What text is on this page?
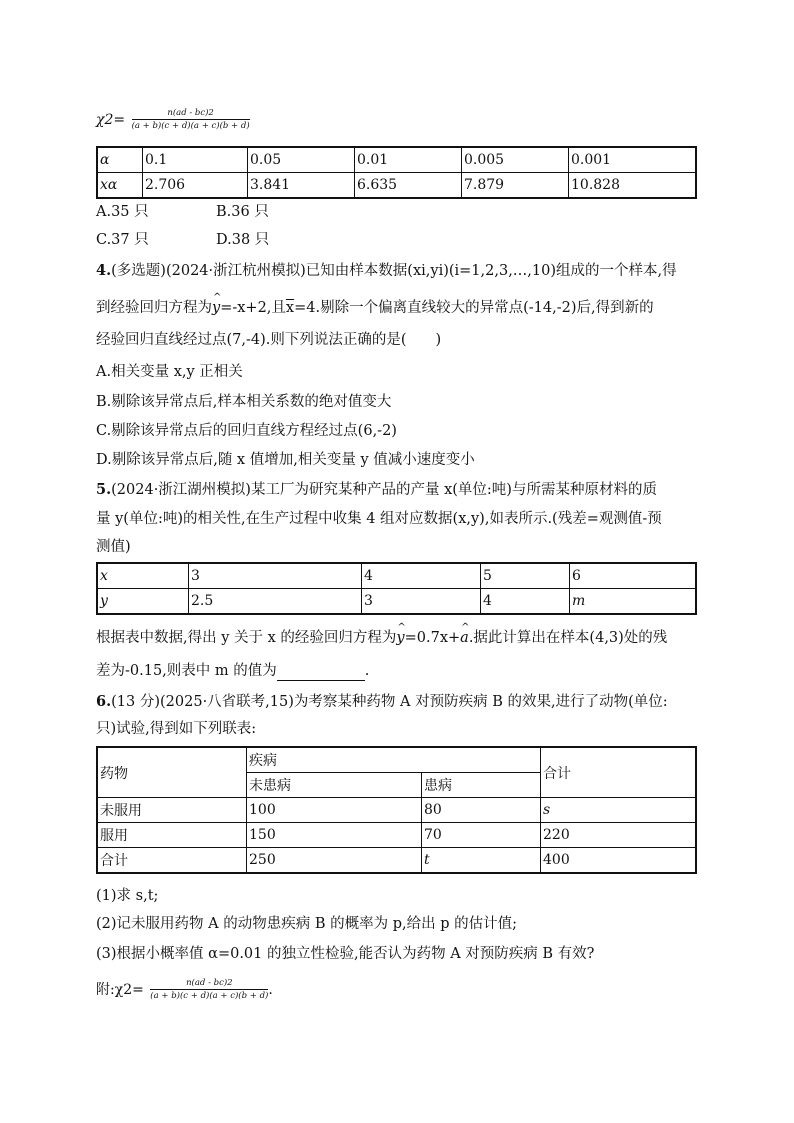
$\chi 2= \frac{n(ad - bc)2}{(a + b)(c + d)(a + c)(b + d)}$
α	0.1	0.05	0.01	0.005	0.001
xα	2.706	3.841	6.635	7.879	10.828
A.35 只	B.36 只
C.37 只	D.38 只
4.(多选题)(2024·浙江杭州模拟)已知由样本数据(xi,yi)(i=1,2,3,…,10)组成的一个样本,得
到经验回归方程为^ y=-x+2,且$\overline{x}=4$.剔除一个偏离直线较大的异常点(-14,-2)后,得到新的
经验回归直线经过点(7,-4).则下列说法正确的是(　　)
A.相关变量 x,y 正相关
B.剔除该异常点后,样本相关系数的绝对值变大
C.剔除该异常点后的回归直线方程经过点(6,-2)
D.剔除该异常点后,随 x 值增加,相关变量 y 值减小速度变小
5.(2024·浙江湖州模拟)某工厂为研究某种产品的产量 x(单位:吨)与所需某种原材料的质
量 y(单位:吨)的相关性,在生产过程中收集 4 组对应数据(x,y),如表所示.(残差=观测值-预
测值)
x	3	4	5	6
y	2.5	3	4	m
根据表中数据,得出 y 关于 x 的经验回归方程为^ y=0.7x+^ a.据此计算出在样本(4,3)处的残
差为-0.15,则表中 m 的值为	.
6.(13 分)(2025·八省联考,15)为考察某种药物 A 对预防疾病 B 的效果,进行了动物(单位:
只)试验,得到如下列联表:
药物	疾病		合计
	未患病	患病	
未服用	100	80	s
服用	150	70	220
合计	250	t	400
(1)求 s,t;
(2)记未服用药物 A 的动物患疾病 B 的概率为 p,给出 p 的估计值;
(3)根据小概率值 α=0.01 的独立性检验,能否认为药物 A 对预防疾病 B 有效?
附:χ2= $\frac{n(ad - bc)2}{(a + b)(c + d)(a + c)(b + d)}$ .
